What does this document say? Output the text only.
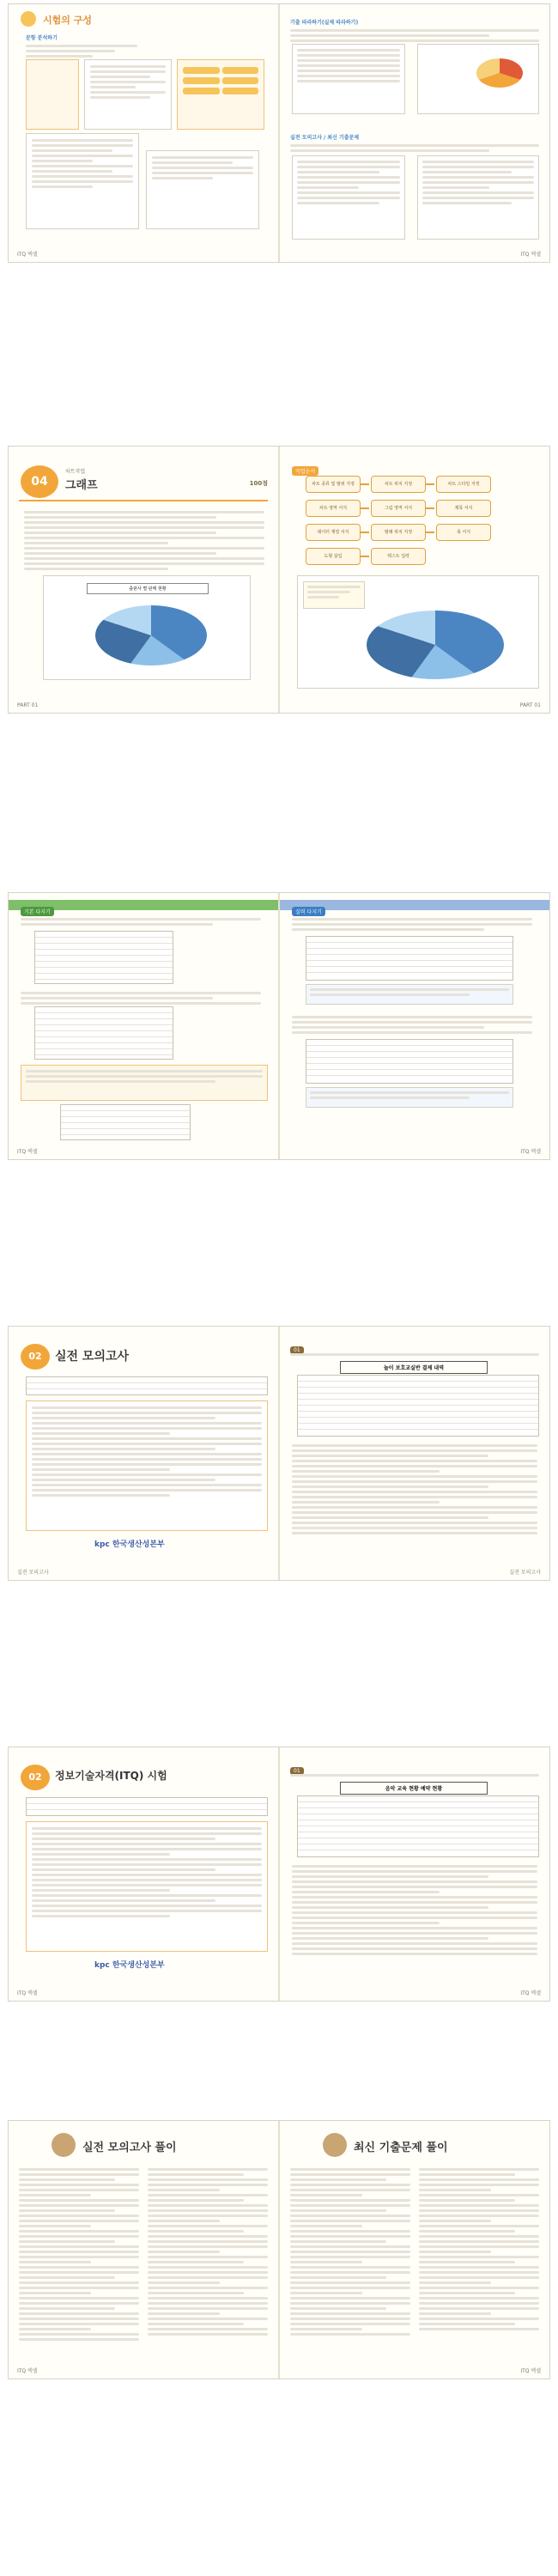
시험의 구성
문항 분석하기
ITQ 엑셀
기출 따라하기(실제 따라하기)
실전 모의고사 / 최신 기출문제
ITQ 엑셀
04
차트작업
그래프	100점
출판사 별 판매 현황
PART 01
작업순서
차트 종류 및 범위 지정	차트 위치 지정	차트 스타일 지정
차트 영역 서식	그림 영역 서식	제목 서식
데이터 계열 서식	범례 위치 지정	축 서식
도형 삽입	텍스트 입력
PART 01
기본 다지기
ITQ 엑셀
실력 다지기
ITQ 엑셀
02	실전 모의고사
kpc 한국생산성본부
실전 모의고사
01
놀이 보호교실반 결제 내역
실전 모의고사
02	정보기술자격(ITQ) 시험
kpc 한국생산성본부
ITQ 엑셀
01
음악 교육 현황 예약 현황
ITQ 엑셀
실전 모의고사 풀이
ITQ 엑셀
최신 기출문제 풀이
ITQ 엑셀
